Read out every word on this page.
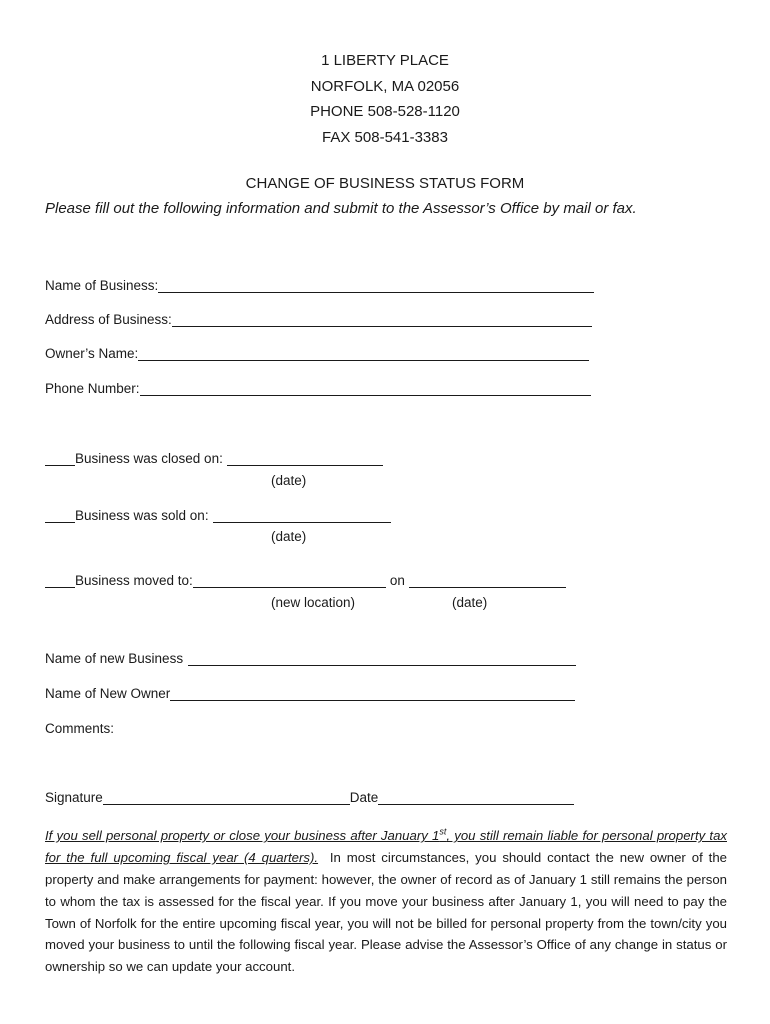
1 LIBERTY PLACE
NORFOLK, MA 02056
PHONE 508-528-1120
FAX 508-541-3383
CHANGE OF BUSINESS STATUS FORM
Please fill out the following information and submit to the Assessor’s Office by mail or fax.
Name of Business:
Address of Business:
Owner’s Name:
Phone Number:
Business was closed on:
(date)
Business was sold on:
(date)
Business moved to:	on
(new location)	(date)
Name of new Business
Name of New Owner
Comments:
Signature	Date
If you sell personal property or close your business after January 1st, you still remain liable for personal property tax for the full upcoming fiscal year (4 quarters). In most circumstances, you should contact the new owner of the property and make arrangements for payment: however, the owner of record as of January 1 still remains the person to whom the tax is assessed for the fiscal year. If you move your business after January 1, you will need to pay the Town of Norfolk for the entire upcoming fiscal year, you will not be billed for personal property from the town/city you moved your business to until the following fiscal year. Please advise the Assessor’s Office of any change in status or ownership so we can update your account.
